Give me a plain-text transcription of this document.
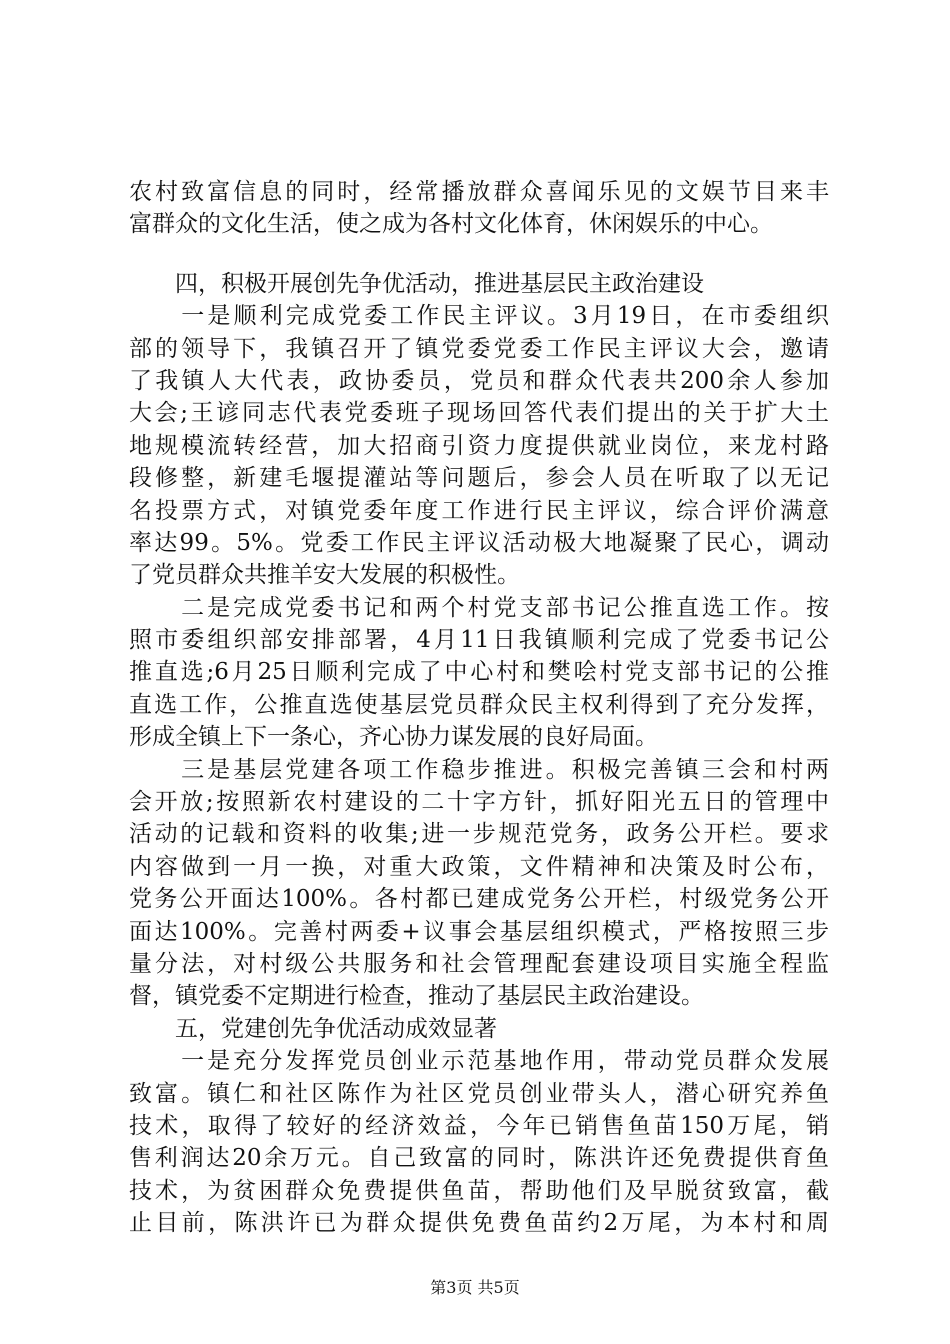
农村致富信息的同时，经常播放群众喜闻乐见的文娱节目来丰
富群众的文化生活，使之成为各村文化体育，休闲娱乐的中心。
　　四，积极开展创先争优活动，推进基层民主政治建设
　　一是顺利完成党委工作民主评议。3月19日，在市委组织
部的领导下，我镇召开了镇党委党委工作民主评议大会，邀请
了我镇人大代表，政协委员，党员和群众代表共200余人参加
大会;王谚同志代表党委班子现场回答代表们提出的关于扩大土
地规模流转经营，加大招商引资力度提供就业岗位，来龙村路
段修整，新建毛堰提灌站等问题后，参会人员在听取了以无记
名投票方式，对镇党委年度工作进行民主评议，综合评价满意
率达99。5%。党委工作民主评议活动极大地凝聚了民心，调动
了党员群众共推羊安大发展的积极性。
　　二是完成党委书记和两个村党支部书记公推直选工作。按
照市委组织部安排部署，4月11日我镇顺利完成了党委书记公
推直选;6月25日顺利完成了中心村和樊哙村党支部书记的公推
直选工作，公推直选使基层党员群众民主权利得到了充分发挥，
形成全镇上下一条心，齐心协力谋发展的良好局面。
　　三是基层党建各项工作稳步推进。积极完善镇三会和村两
会开放;按照新农村建设的二十字方针，抓好阳光五日的管理中
活动的记载和资料的收集;进一步规范党务，政务公开栏。要求
内容做到一月一换，对重大政策，文件精神和决策及时公布，
党务公开面达100%。各村都已建成党务公开栏，村级党务公开
面达100%。完善村两委+议事会基层组织模式，严格按照三步
量分法，对村级公共服务和社会管理配套建设项目实施全程监
督，镇党委不定期进行检查，推动了基层民主政治建设。
　　五，党建创先争优活动成效显著
　　一是充分发挥党员创业示范基地作用，带动党员群众发展
致富。镇仁和社区陈作为社区党员创业带头人，潜心研究养鱼
技术，取得了较好的经济效益，今年已销售鱼苗150万尾，销
售利润达20余万元。自己致富的同时，陈洪许还免费提供育鱼
技术，为贫困群众免费提供鱼苗，帮助他们及早脱贫致富，截
止目前，陈洪许已为群众提供免费鱼苗约2万尾，为本村和周
第3页 共5页
